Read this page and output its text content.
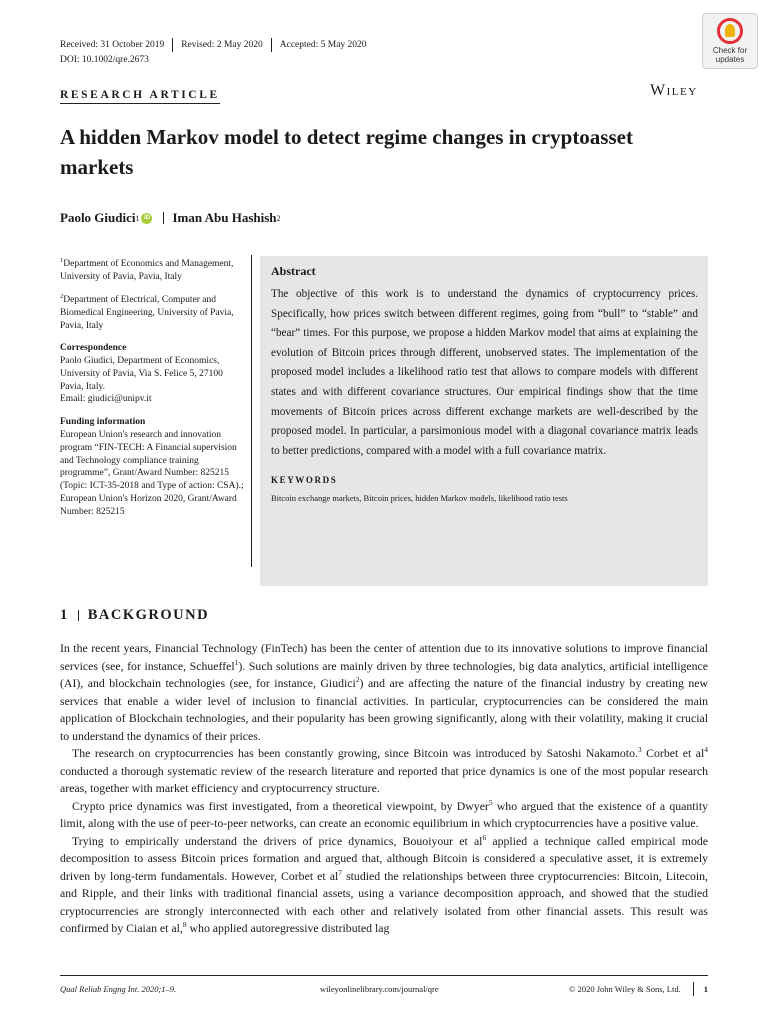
Received: 31 October 2019 Revised: 2 May 2020 Accepted: 5 May 2020
DOI: 10.1002/qre.2673
Check for
updates
RESEARCH ARTICLE	Wiley
A hidden Markov model to detect regime changes in cryptoasset markets
Paolo Giudici 1 iD Iman Abu Hashish 2

$^1$Department of Economics and Management, University of Pavia, Pavia, Italy

$^2$Department of Electrical, Computer and Biomedical Engineering, University of Pavia, Pavia, Italy

Correspondence

Paolo Giudici, Department of Economics, University of Pavia, Via S. Felice 5, 27100 Pavia, Italy.

Email: giudici@unipv.it

Funding information

European Union's research and innovation program “FIN-TECH: A Financial supervision and Technology compliance training programme”, Grant/Award Number: 825215 (Topic: ICT-35-2018 and Type of action: CSA).; European Union's Horizon 2020, Grant/Award Number: 825215

Abstract

The objective of this work is to understand the dynamics of cryptocurrency prices. Specifically, how prices switch between different regimes, going from “bull” to “stable” and “bear” times. For this purpose, we propose a hidden Markov model that aims at explaining the evolution of Bitcoin prices through different, unobserved states. The implementation of the proposed model includes a likelihood ratio test that allows to compare models with different states and with different covariance structures. Our empirical findings show that the time movements of Bitcoin prices across different exchange markets are well-described by the proposed model. In particular, a parsimonious model with a diagonal covariance matrix leads to better predictions, compared with a model with a full covariance matrix.

KEYWORDS

Bitcoin exchange markets, Bitcoin prices, hidden Markov models, likelihood ratio tests

1 BACKGROUND

In the recent years, Financial Technology (FinTech) has been the center of attention due to its innovative solutions to improve financial services (see, for instance, Schueffel$^1$). Such solutions are mainly driven by three technologies, big data analytics, artificial intelligence (AI), and blockchain technologies (see, for instance, Giudici$^2$) and are affecting the nature of the financial industry by creating new services that enable a wider level of inclusion to financial activities. In particular, cryptocurrencies can be considered the main application of Blockchain technologies, and their popularity has been growing significantly, along with their volatility, making it crucial to understand the dynamics of their prices.

The research on cryptocurrencies has been constantly growing, since Bitcoin was introduced by Satoshi Nakamoto.$^3$ Corbet et $al^4$ conducted a thorough systematic review of the research literature and reported that price dynamics is one of the most popular research areas, together with market efficiency and cryptocurrency structure.

Crypto price dynamics was first investigated, from a theoretical viewpoint, by Dwyer$^5$ who argued that the existence of a quantity limit, along with the use of peer-to-peer networks, can create an economic equilibrium in which cryptocurrencies have a positive value.

Trying to empirically understand the drivers of price dynamics, Bouoiyour et $al^6$ applied a technique called empirical mode decomposition to assess Bitcoin prices formation and argued that, although Bitcoin is considered a speculative asset, it is extremely driven by long-term fundamentals. However, Corbet et $al^7$ studied the relationships between three cryptocurrencies: Bitcoin, Litecoin, and Ripple, and their links with traditional financial assets, using a variance decomposition approach, and showed that the studied cryptocurrencies are strongly interconnected with each other and relatively isolated from other financial assets. This result was confirmed by Ciaian et al,$^8$ who applied autoregressive distributed lag

Qual Reliab Engng Int. 2020;1–9.	wileyonlinelibrary.com/journal/qre	© 2020 John Wiley & Sons, Ltd.	1
